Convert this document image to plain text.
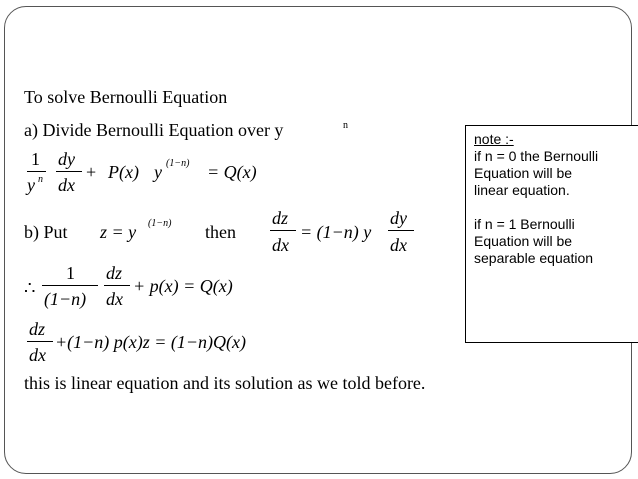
To solve Bernoulli Equation
a) Divide Bernoulli Equation over y	n
1
y n
dy
dx
+ P(x) y (1−n) = Q(x)
b) Put z = y (1−n) then
dz
dx
= (1−n) y
dy
dx
∴
1
(1−n)
dz
dx
+ p(x) = Q(x)
dz
dx
+(1−n) p(x)z = (1−n)Q(x)
this is linear equation and its solution as we told before.
note :-
if n = 0 the Bernoulli
Equation will be
linear equation.
if n = 1 Bernoulli
Equation will be
separable equation
